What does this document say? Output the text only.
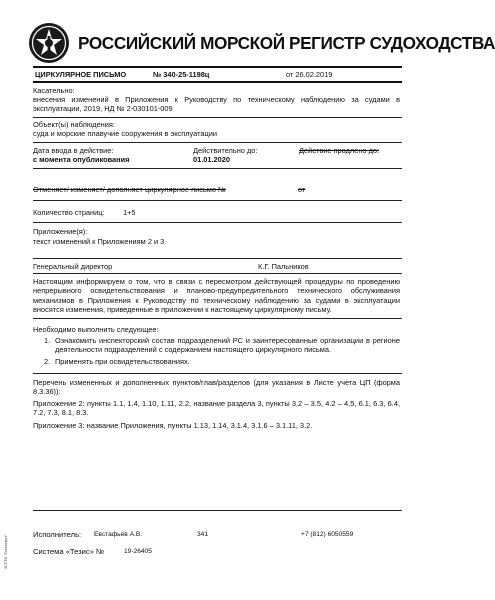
РОССИЙСКИЙ МОРСКОЙ РЕГИСТР СУДОХОДСТВА
ЦИРКУЛЯРНОЕ ПИСЬМО	№ 340-25-1198ц	от 26.02.2019
Касательно:
внесения изменений в Приложения к Руководству по техническому наблюдению за судами в эксплуатации, 2019, НД № 2-030101-009
Объект(ы) наблюдения:
суда и морские плавучие сооружения в эксплуатации
Дата ввода в действие:
с момента опубликования
Действительно до:
01.01.2020
Действие продлено до:
Отменяет/ изменяет/ дополняет циркулярное письмо №	от
Количество страниц: 1+5
Приложение(я):
текст изменений к Приложениям 2 и 3
Генеральный директор	К.Г. Пальников
Настоящим информируем о том, что в связи с пересмотром действующей процедуры по проведению непрерывного освидетельствования и планово-предупредительного технического обслуживания механизмов в Приложения к Руководству по техническому наблюдению за судами в эксплуатации вносятся изменения, приведенные в приложении к настоящему циркулярному письму.
Необходимо выполнить следующее:
1. Ознакомить инспекторский состав подразделений РС и заинтересованные организации в регионе деятельности подразделений с содержанием настоящего циркулярного письма.
2. Применять при освидетельствованиях.
Перечень измененных и дополненных пунктов/глав/разделов (для указания в Листе учета ЦП (форма 8.3.36)):
Приложение 2: пункты 1.1, 1.4, 1.10, 1.11, 2.2, название раздела 3, пункты 3.2 – 3.5, 4.2 – 4.5, 6.1, 6.3, 6.4, 7.2, 7.3, 8.1, 8.3.
Приложение 3: название Приложения, пункты 1.13, 1.14, 3.1.4, 3.1.6 – 3.1.11, 3.2.
Исполнитель: Евстафьев А.В.	341	+7 (812) 6050559
Система «Тезис» №	19-26405
ЭСПТИ "Техэксперт"
